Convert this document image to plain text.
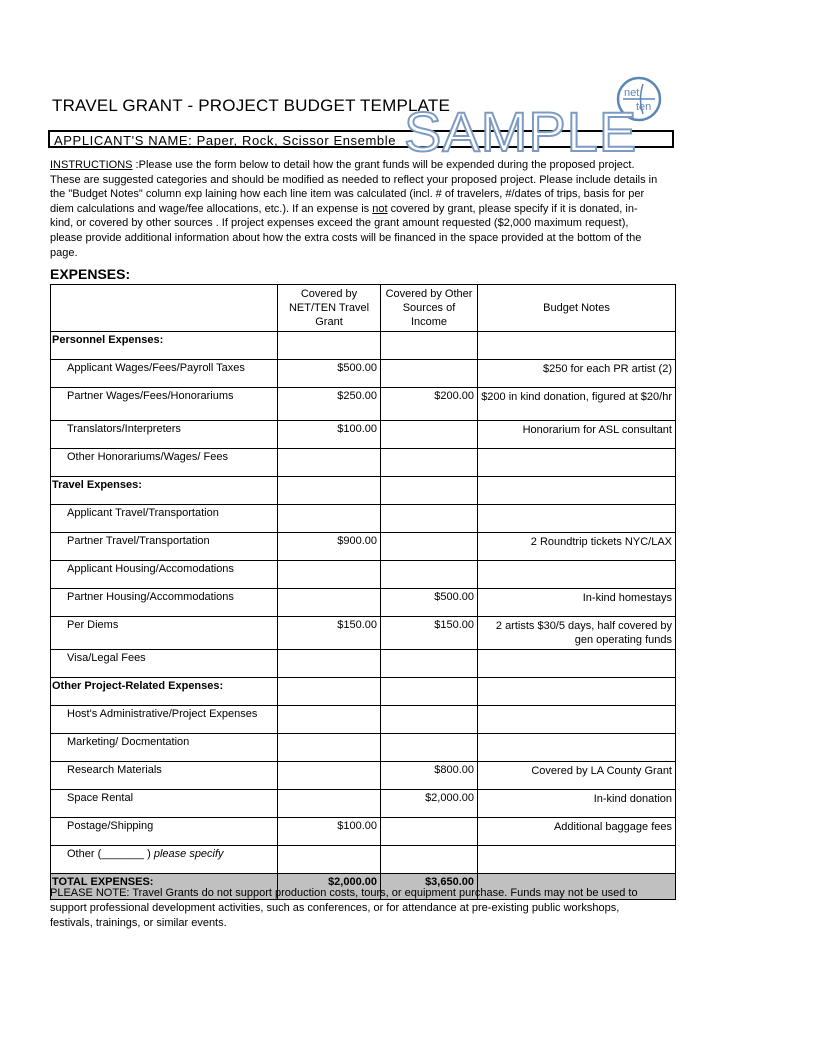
TRAVEL GRANT - PROJECT BUDGET TEMPLATE
net
ten
APPLICANT'S NAME: Paper, Rock, Scissor Ensemble SAMPLE
INSTRUCTIONS :Please use the form below to detail how the grant funds will be expended during the proposed project. These are suggested categories and should be modified as needed to reflect your proposed project. Please include details in the "Budget Notes" column exp laining how each line item was calculated (incl. # of travelers, #/dates of trips, basis for per diem calculations and wage/fee allocations, etc.). If an expense is not covered by grant, please specify if it is donated, in-kind, or covered by other sources . If project expenses exceed the grant amount requested ($2,000 maximum request), please provide additional information about how the extra costs will be financed in the space provided at the bottom of the page.
EXPENSES:
	Covered by NET/TEN Travel Grant	Covered by Other Sources of Income	Budget Notes
Personnel Expenses:			
Applicant Wages/Fees/Payroll Taxes	$500.00		$250 for each PR artist (2)
Partner Wages/Fees/Honorariums	$250.00	$200.00	$200 in kind donation, figured at $20/hr
Translators/Interpreters	$100.00		Honorarium for ASL consultant
Other Honorariums/Wages/ Fees			
Travel Expenses:			
Applicant Travel/Transportation			
Partner Travel/Transportation	$900.00		2 Roundtrip tickets NYC/LAX
Applicant Housing/Accomodations			
Partner Housing/Accommodations		$500.00	In-kind homestays
Per Diems	$150.00	$150.00	2 artists $30/5 days, half covered by gen operating funds
Visa/Legal Fees			
Other Project-Related Expenses:			
Host's Administrative/Project Expenses			
Marketing/ Docmentation			
Research Materials		$800.00	Covered by LA County Grant
Space Rental		$2,000.00	In-kind donation
Postage/Shipping	$100.00		Additional baggage fees
Other (_______ ) please specify			
TOTAL EXPENSES:	$2,000.00	$3,650.00	
PLEASE NOTE: Travel Grants do not support production costs, tours, or equipment purchase. Funds may not be used to support professional development activities, such as conferences, or for attendance at pre-existing public workshops, festivals, trainings, or similar events.
